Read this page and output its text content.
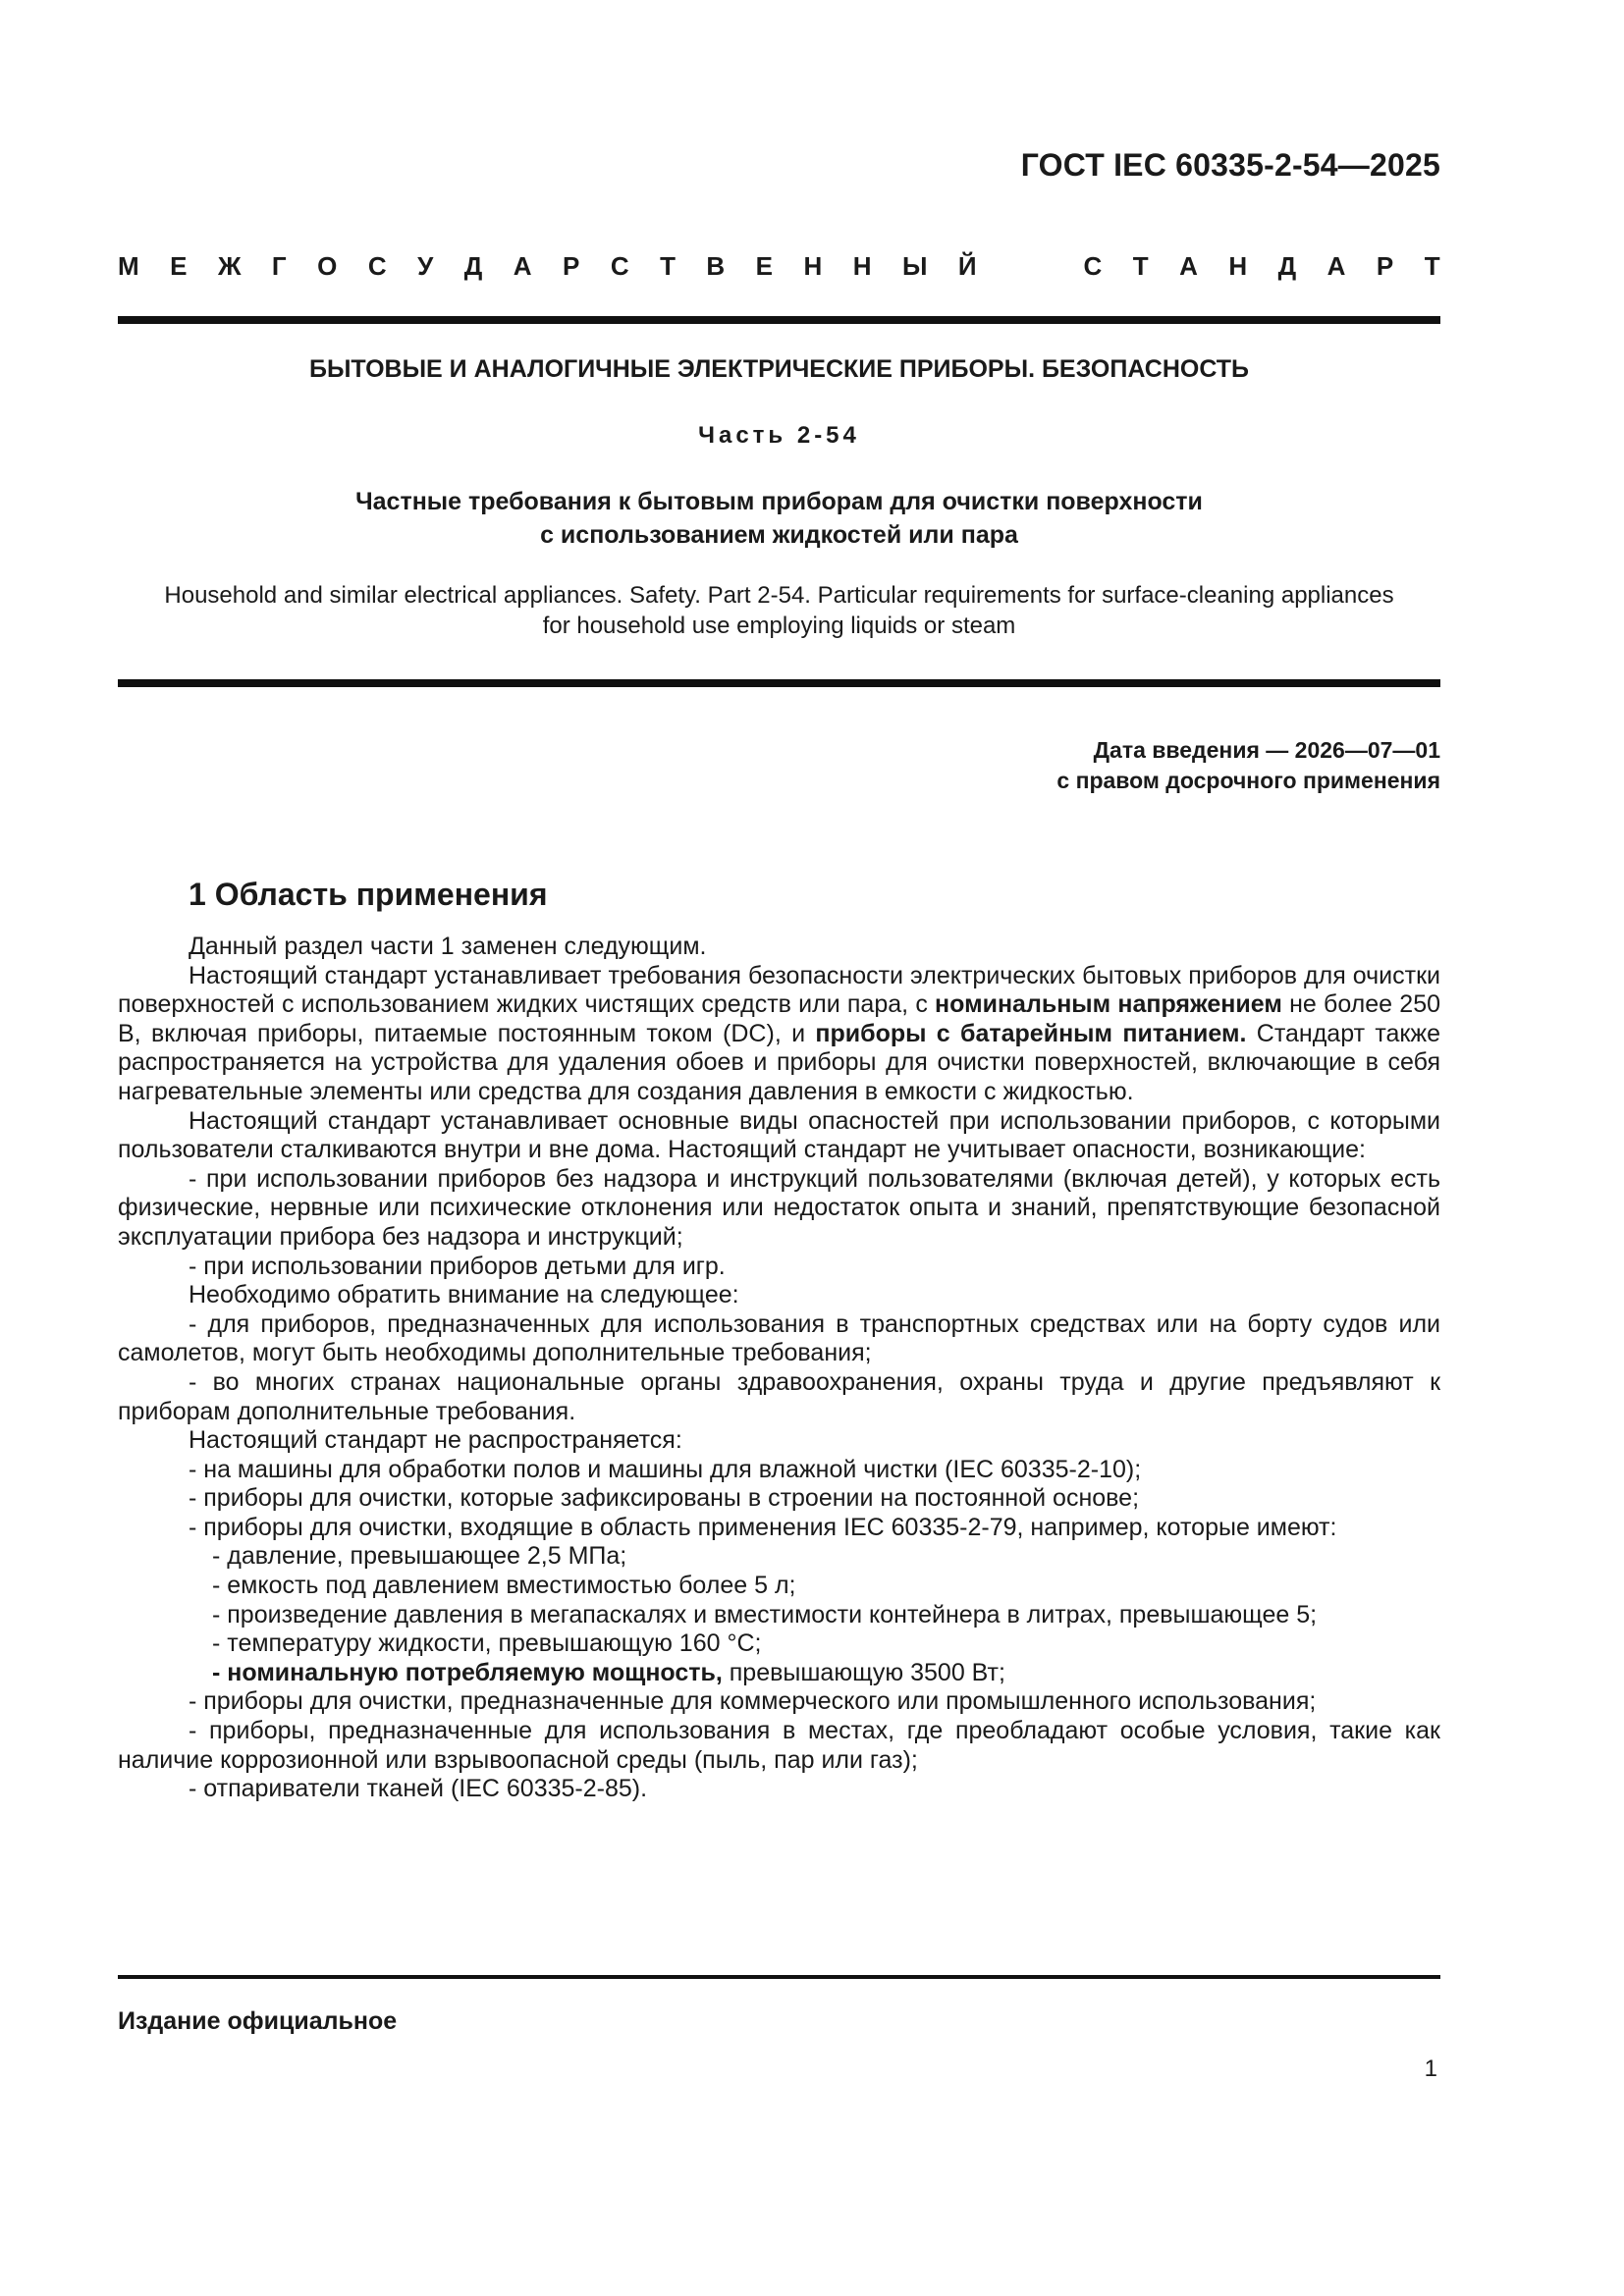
ГОСТ IEC 60335-2-54—2025
М Е Ж Г О С У Д А Р С Т В Е Н Н Ы Й	С Т А Н Д А Р Т
БЫТОВЫЕ И АНАЛОГИЧНЫЕ ЭЛЕКТРИЧЕСКИЕ ПРИБОРЫ. БЕЗОПАСНОСТЬ
Часть 2-54
Частные требования к бытовым приборам для очистки поверхности
с использованием жидкостей или пара
Household and similar electrical appliances. Safety. Part 2-54. Particular requirements for surface-cleaning appliances
for household use employing liquids or steam
Дата введения — 2026—07—01
с правом досрочного применения
1 Область применения

Данный раздел части 1 заменен следующим.

Настоящий стандарт устанавливает требования безопасности электрических бытовых приборов для очистки поверхностей с использованием жидких чистящих средств или пара, с номинальным напряжением не более 250 В, включая приборы, питаемые постоянным током (DC), и приборы с батарейным питанием. Стандарт также распространяется на устройства для удаления обоев и приборы для очистки поверхностей, включающие в себя нагревательные элементы или средства для создания давления в емкости с жидкостью.

Настоящий стандарт устанавливает основные виды опасностей при использовании приборов, с которыми пользователи сталкиваются внутри и вне дома. Настоящий стандарт не учитывает опасности, возникающие:

- при использовании приборов без надзора и инструкций пользователями (включая детей), у которых есть физические, нервные или психические отклонения или недостаток опыта и знаний, препятствующие безопасной эксплуатации прибора без надзора и инструкций;

- при использовании приборов детьми для игр.

Необходимо обратить внимание на следующее:

- для приборов, предназначенных для использования в транспортных средствах или на борту судов или самолетов, могут быть необходимы дополнительные требования;

- во многих странах национальные органы здравоохранения, охраны труда и другие предъявляют к приборам дополнительные требования.

Настоящий стандарт не распространяется:

- на машины для обработки полов и машины для влажной чистки (IEC 60335-2-10);

- приборы для очистки, которые зафиксированы в строении на постоянной основе;

- приборы для очистки, входящие в область применения IEC 60335-2-79, например, которые имеют:

- давление, превышающее 2,5 МПа;

- емкость под давлением вместимостью более 5 л;

- произведение давления в мегапаскалях и вместимости контейнера в литрах, превышающее 5;

- температуру жидкости, превышающую 160 °С;

- номинальную потребляемую мощность, превышающую 3500 Вт;

- приборы для очистки, предназначенные для коммерческого или промышленного использования;

- приборы, предназначенные для использования в местах, где преобладают особые условия, такие как наличие коррозионной или взрывоопасной среды (пыль, пар или газ);

- отпариватели тканей (IEC 60335-2-85).

Издание официальное
1
